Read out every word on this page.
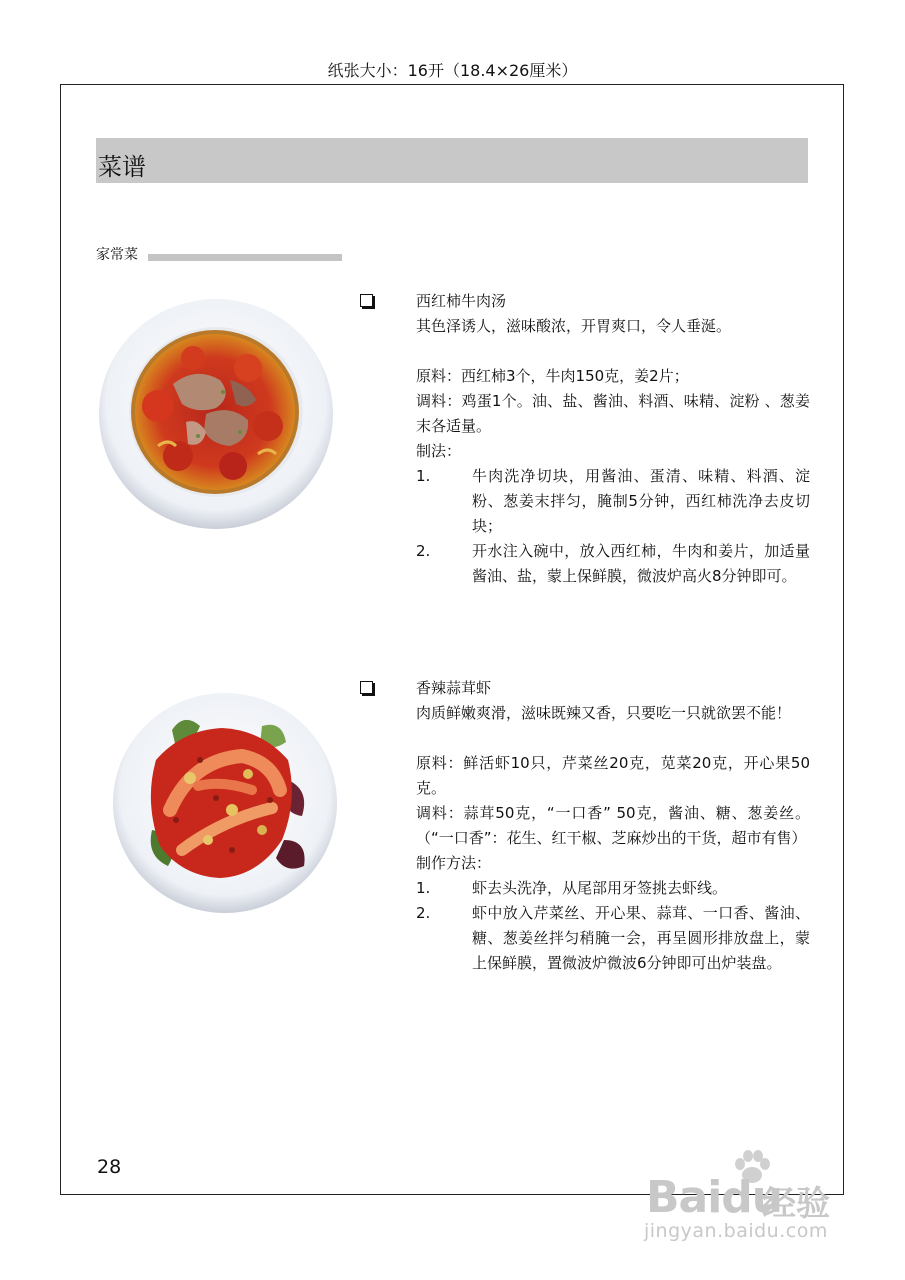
纸张大小：16开（18.4×26厘米）
菜谱
家常菜
西红柿牛肉汤
其色泽诱人，滋味酸浓，开胃爽口，令人垂涎。
原料：西红柿3个，牛肉150克，姜2片；
调料：鸡蛋1个。油、盐、酱油、料酒、味精、淀粉 、葱姜末各适量。
制法：
1.	牛肉洗净切块，用酱油、蛋清、味精、料酒、淀粉、葱姜末拌匀，腌制5分钟，西红柿洗净去皮切块；
2.	开水注入碗中，放入西红柿，牛肉和姜片，加适量酱油、盐，蒙上保鲜膜，微波炉高火8分钟即可。
香辣蒜茸虾
肉质鲜嫩爽滑，滋味既辣又香，只要吃一只就欲罢不能！
原料：鲜活虾10只，芹菜丝20克，苋菜20克，开心果50克。
调料：蒜茸50克，“一口香” 50克，酱油、糖、葱姜丝。（“一口香”：花生、红干椒、芝麻炒出的干货，超市有售）
制作方法：
1.	虾去头洗净，从尾部用牙签挑去虾线。
2.	虾中放入芹菜丝、开心果、蒜茸、一口香、酱油、糖、葱姜丝拌匀稍腌一会，再呈圆形排放盘上，蒙上保鲜膜，置微波炉微波6分钟即可出炉装盘。
28
Baidu
经验
jingyan.baidu.com
